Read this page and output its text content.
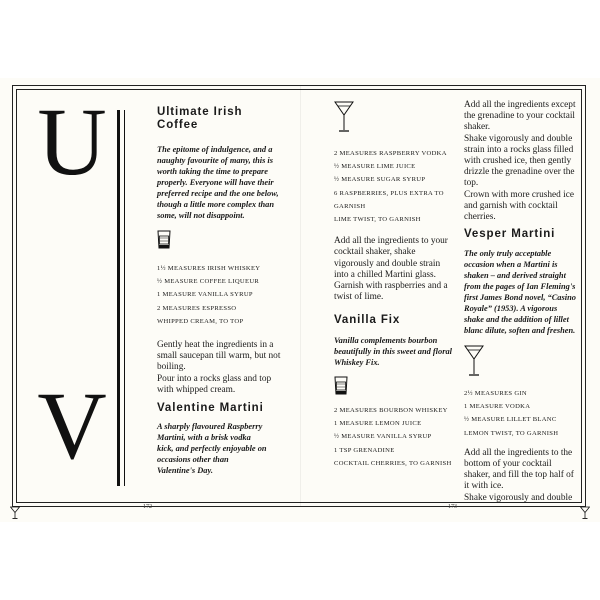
U
V
Ultimate Irish Coffee

The epitome of indulgence, and a naughty favourite of many, this is worth taking the time to prepare properly. Everyone will have their preferred recipe and the one below, though a little more complex than some, will not disappoint.

1½ MEASURES IRISH WHISKEY
½ MEASURE COFFEE LIQUEUR
1 MEASURE VANILLA SYRUP
2 MEASURES ESPRESSO
WHIPPED CREAM, TO TOP

Gently heat the ingredients in a small saucepan till warm, but not boiling.

Pour into a rocks glass and top with whipped cream.

Valentine Martini

A sharply flavoured Raspberry Martini, with a brisk vodka kick, and perfectly enjoyable on occasions other than Valentine's Day.

2 MEASURES RASPBERRY VODKA
½ MEASURE LIME JUICE
½ MEASURE SUGAR SYRUP
6 RASPBERRIES, PLUS EXTRA TO GARNISH
LIME TWIST, TO GARNISH

Add all the ingredients to your cocktail shaker, shake vigorously and double strain into a chilled Martini glass. Garnish with raspberries and a twist of lime.

Vanilla Fix

Vanilla complements bourbon beautifully in this sweet and floral Whiskey Fix.

2 MEASURES BOURBON WHISKEY
1 MEASURE LEMON JUICE
½ MEASURE VANILLA SYRUP
1 TSP GRENADINE
COCKTAIL CHERRIES, TO GARNISH

Add all the ingredients except the grenadine to your cocktail shaker.

Shake vigorously and double strain into a rocks glass filled with crushed ice, then gently drizzle the grenadine over the top.

Crown with more crushed ice and garnish with cocktail cherries.

Vesper Martini

The only truly acceptable occasion when a Martini is shaken – and derived straight from the pages of Ian Fleming's first James Bond novel, “Casino Royale” (1953). A vigorous shake and the addition of lillet blanc dilute, soften and freshen.

2½ MEASURES GIN
1 MEASURE VODKA
½ MEASURE LILLET BLANC
LEMON TWIST, TO GARNISH

Add all the ingredients to the bottom of your cocktail shaker, and fill the top half of it with ice.

Shake vigorously and double

172	173
